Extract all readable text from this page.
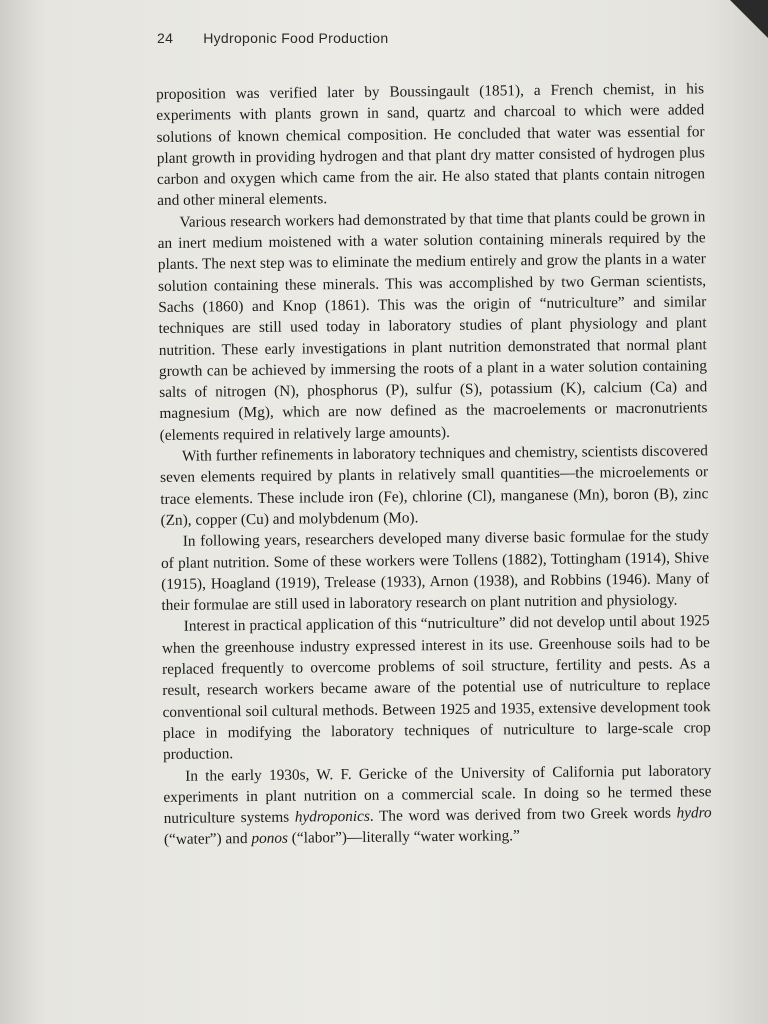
24 Hydroponic Food Production

proposition was verified later by Boussingault (1851), a French chemist, in his experiments with plants grown in sand, quartz and charcoal to which were added solutions of known chemical composition. He concluded that water was essential for plant growth in providing hydrogen and that plant dry matter consisted of hydrogen plus carbon and oxygen which came from the air. He also stated that plants contain nitrogen and other mineral elements.

Various research workers had demonstrated by that time that plants could be grown in an inert medium moistened with a water solution containing minerals required by the plants. The next step was to eliminate the medium entirely and grow the plants in a water solution containing these minerals. This was accomplished by two German scientists, Sachs (1860) and Knop (1861). This was the origin of “nutriculture” and similar techniques are still used today in laboratory studies of plant physiology and plant nutrition. These early investigations in plant nutrition demonstrated that normal plant growth can be achieved by immersing the roots of a plant in a water solution containing salts of nitrogen (N), phosphorus (P), sulfur (S), potassium (K), calcium (Ca) and magnesium (Mg), which are now defined as the macroelements or macronutrients (elements required in relatively large amounts).

With further refinements in laboratory techniques and chemistry, scientists discovered seven elements required by plants in relatively small quantities—the microelements or trace elements. These include iron (Fe), chlorine (Cl), manganese (Mn), boron (B), zinc (Zn), copper (Cu) and molybdenum (Mo).

In following years, researchers developed many diverse basic formulae for the study of plant nutrition. Some of these workers were Tollens (1882), Tottingham (1914), Shive (1915), Hoagland (1919), Trelease (1933), Arnon (1938), and Robbins (1946). Many of their formulae are still used in laboratory research on plant nutrition and physiology.

Interest in practical application of this “nutriculture” did not develop until about 1925 when the greenhouse industry expressed interest in its use. Greenhouse soils had to be replaced frequently to overcome problems of soil structure, fertility and pests. As a result, research workers became aware of the potential use of nutriculture to replace conventional soil cultural methods. Between 1925 and 1935, extensive development took place in modifying the laboratory techniques of nutriculture to large-scale crop production.

In the early 1930s, W. F. Gericke of the University of California put laboratory experiments in plant nutrition on a commercial scale. In doing so he termed these nutriculture systems hydroponics. The word was derived from two Greek words hydro (“water”) and ponos (“labor”)—literally “water working.”
